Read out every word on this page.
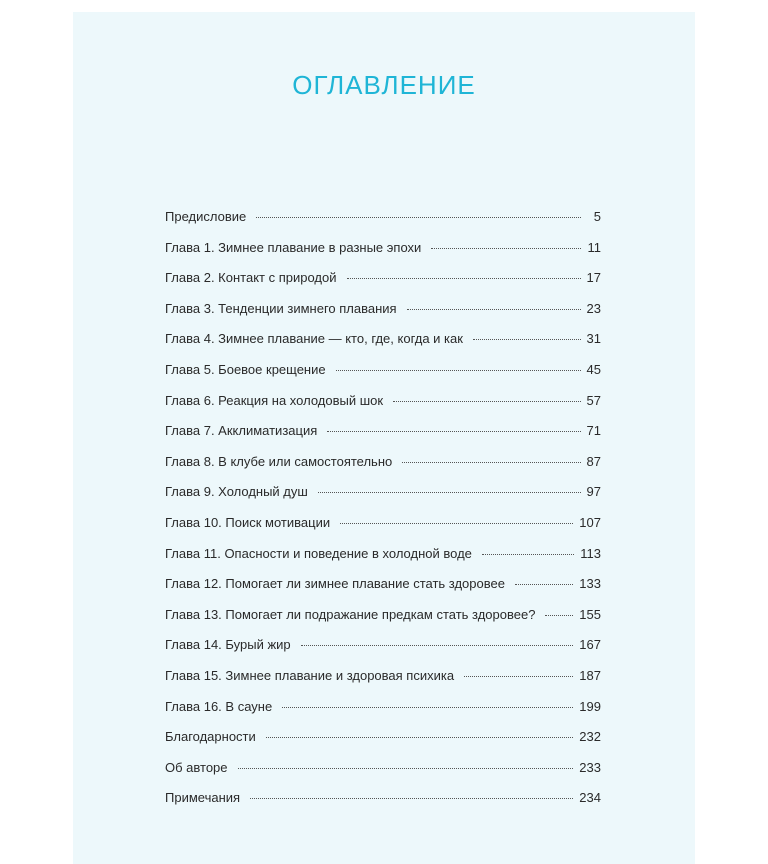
ОГЛАВЛЕНИЕ
Предисловие	5
Глава 1. Зимнее плавание в разные эпохи	11
Глава 2. Контакт с природой	17
Глава 3. Тенденции зимнего плавания	23
Глава 4. Зимнее плавание — кто, где, когда и как	31
Глава 5. Боевое крещение	45
Глава 6. Реакция на холодовый шок	57
Глава 7. Акклиматизация	71
Глава 8. В клубе или самостоятельно	87
Глава 9. Холодный душ	97
Глава 10. Поиск мотивации	107
Глава 11. Опасности и поведение в холодной воде	113
Глава 12. Помогает ли зимнее плавание стать здоровее	133
Глава 13. Помогает ли подражание предкам стать здоровее?	155
Глава 14. Бурый жир	167
Глава 15. Зимнее плавание и здоровая психика	187
Глава 16. В сауне	199
Благодарности	232
Об авторе	233
Примечания	234
